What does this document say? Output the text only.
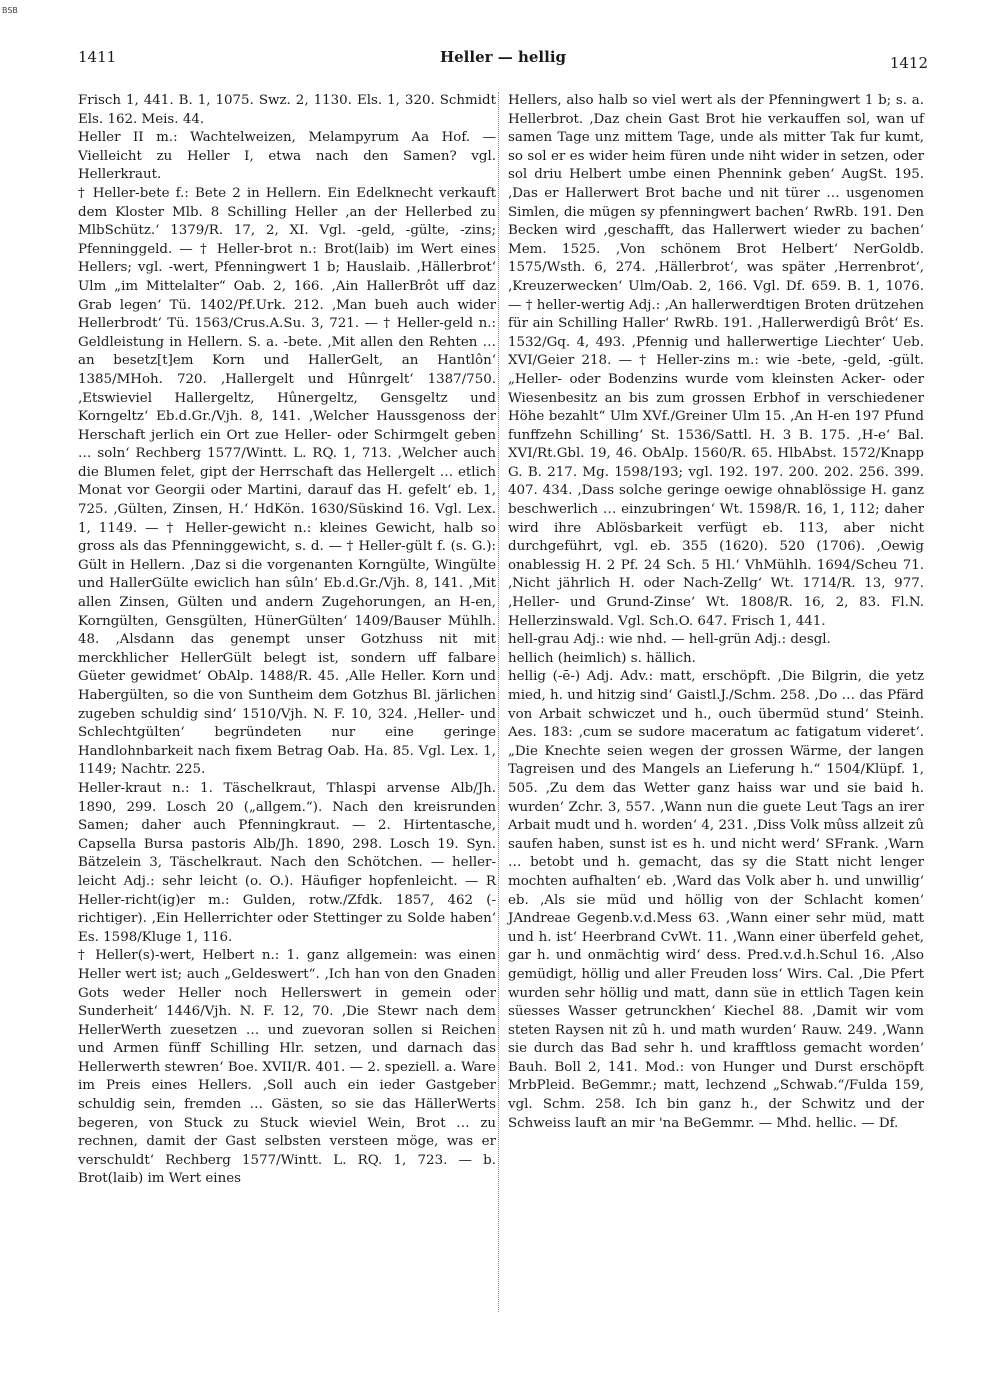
BSB
1411	Heller — hellig	1412

Frisch 1, 441. B. 1, 1075. Swz. 2, 1130. Els. 1, 320. Schmidt Els. 162. Meis. 44.

Heller II m.: Wachtelweizen, Melampyrum Aa Hof. — Vielleicht zu Heller I, etwa nach den Samen? vgl. Hellerkraut.

† Heller-bete f.: Bete 2 in Hellern. Ein Edelknecht verkauft dem Kloster Mlb. 8 Schilling Heller ‚an der Hellerbed zu MlbSchütz.‘ 1379/R. 17, 2, XI. Vgl. -geld, -gülte, -zins; Pfenninggeld. — † Heller-brot n.: Brot(laib) im Wert eines Hellers; vgl. -wert, Pfenningwert 1 b; Hauslaib. ‚Hällerbrot‘ Ulm „im Mittelalter“ Oab. 2, 166. ‚Ain HallerBrôt uff daz Grab legen‘ Tü. 1402/Pf.Urk. 212. ‚Man bueh auch wider Hellerbrodt‘ Tü. 1563/Crus.A.Su. 3, 721. — † Heller-geld n.: Geldleistung in Hellern. S. a. -bete. ‚Mit allen den Rehten … an besetz[t]em Korn und HallerGelt, an Hantlôn‘ 1385/MHoh. 720. ‚Hallergelt und Hûnrgelt‘ 1387/750. ‚Etswieviel Hallergeltz, Hûnergeltz, Gensgeltz und Korngeltz‘ Eb.d.Gr./Vjh. 8, 141. ‚Welcher Haussgenoss der Herschaft jerlich ein Ort zue Heller- oder Schirmgelt geben … soln‘ Rechberg 1577/Wintt. L. RQ. 1, 713. ‚Welcher auch die Blumen felet, gipt der Herrschaft das Hellergelt … etlich Monat vor Georgii oder Martini, darauf das H. gefelt‘ eb. 1, 725. ‚Gülten, Zinsen, H.‘ HdKön. 1630/Süskind 16. Vgl. Lex. 1, 1149. — † Heller-gewicht n.: kleines Gewicht, halb so gross als das Pfenninggewicht, s. d. — † Heller-gült f. (s. G.): Gült in Hellern. ‚Daz si die vorgenanten Korngülte, Wingülte und HallerGülte ewiclich han sûln‘ Eb.d.Gr./Vjh. 8, 141. ‚Mit allen Zinsen, Gülten und andern Zugehorungen, an H-en, Korngülten, Gensgülten, HünerGülten‘ 1409/Bauser Mühlh. 48. ‚Alsdann das genempt unser Gotzhuss nit mit merckhlicher HellerGült belegt ist, sondern uff falbare Güeter gewidmet‘ ObAlp. 1488/R. 45. ‚Alle Heller. Korn und Habergülten, so die von Suntheim dem Gotzhus Bl. järlichen zugeben schuldig sind‘ 1510/Vjh. N. F. 10, 324. ‚Heller- und Schlechtgülten‘ begründeten nur eine geringe Handlohnbarkeit nach fixem Betrag Oab. Ha. 85. Vgl. Lex. 1, 1149; Nachtr. 225.

Heller-kraut n.: 1. Täschelkraut, Thlaspi arvense Alb/Jh. 1890, 299. Losch 20 („allgem.“). Nach den kreisrunden Samen; daher auch Pfenningkraut. — 2. Hirtentasche, Capsella Bursa pastoris Alb/Jh. 1890, 298. Losch 19. Syn. Bätzelein 3, Täschelkraut. Nach den Schötchen. — heller-leicht Adj.: sehr leicht (o. O.). Häufiger hopfenleicht. — R Heller-richt(ig)er m.: Gulden, rotw./Zfdk. 1857, 462 (-richtiger). ‚Ein Hellerrichter oder Stettinger zu Solde haben‘ Es. 1598/Kluge 1, 116.

† Heller(s)-wert, Helbert n.: 1. ganz allgemein: was einen Heller wert ist; auch „Geldeswert“. ‚Ich han von den Gnaden Gots weder Heller noch Hellerswert in gemein oder Sunderheit‘ 1446/Vjh. N. F. 12, 70. ‚Die Stewr nach dem HellerWerth zuesetzen … und zuevoran sollen si Reichen und Armen fünff Schilling Hlr. setzen, und darnach das Hellerwerth stewren‘ Boe. XVII/R. 401. — 2. speziell. a. Ware im Preis eines Hellers. ‚Soll auch ein ieder Gastgeber schuldig sein, fremden … Gästen, so sie das HällerWerts begeren, von Stuck zu Stuck wieviel Wein, Brot … zu rechnen, damit der Gast selbsten versteen möge, was er verschuldt‘ Rechberg 1577/Wintt. L. RQ. 1, 723. — b. Brot(laib) im Wert eines

Hellers, also halb so viel wert als der Pfenningwert 1 b; s. a. Hellerbrot. ‚Daz chein Gast Brot hie verkauffen sol, wan uf samen Tage unz mittem Tage, unde als mitter Tak fur kumt, so sol er es wider heim füren unde niht wider in setzen, oder sol driu Helbert umbe einen Phennink geben‘ AugSt. 195. ‚Das er Hallerwert Brot bache und nit türer … usgenomen Simlen, die mügen sy pfenningwert bachen‘ RwRb. 191. Den Becken wird ‚geschafft, das Hallerwert wieder zu bachen‘ Mem. 1525. ‚Von schönem Brot Helbert‘ NerGoldb. 1575/Wsth. 6, 274. ‚Hällerbrot‘, was später ‚Herrenbrot‘, ‚Kreuzerwecken‘ Ulm/Oab. 2, 166. Vgl. Df. 659. B. 1, 1076. — † heller-wertig Adj.: ‚An hallerwerdtigen Broten drützehen für ain Schilling Haller‘ RwRb. 191. ‚Hallerwerdigû Brôt‘ Es. 1532/Gq. 4, 493. ‚Pfennig und hallerwertige Liechter‘ Ueb. XVI/Geier 218. — † Heller-zins m.: wie -bete, -geld, -gült. „Heller- oder Bodenzins wurde vom kleinsten Acker- oder Wiesenbesitz an bis zum grossen Erbhof in verschiedener Höhe bezahlt“ Ulm XVf./Greiner Ulm 15. ‚An H-en 197 Pfund funffzehn Schilling‘ St. 1536/Sattl. H. 3 B. 175. ‚H-e‘ Bal. XVI/Rt.Gbl. 19, 46. ObAlp. 1560/R. 65. HlbAbst. 1572/Knapp G. B. 217. Mg. 1598/193; vgl. 192. 197. 200. 202. 256. 399. 407. 434. ‚Dass solche geringe oewige ohnablössige H. ganz beschwerlich … einzubringen‘ Wt. 1598/R. 16, 1, 112; daher wird ihre Ablösbarkeit verfügt eb. 113, aber nicht durchgeführt, vgl. eb. 355 (1620). 520 (1706). ‚Oewig onablessig H. 2 Pf. 24 Sch. 5 Hl.‘ VhMühlh. 1694/Scheu 71. ‚Nicht jährlich H. oder Nach-Zellg‘ Wt. 1714/R. 13, 977. ‚Heller- und Grund-Zinse‘ Wt. 1808/R. 16, 2, 83. Fl.N. Hellerzinswald. Vgl. Sch.O. 647. Frisch 1, 441.

hell-grau Adj.: wie nhd. — hell-grün Adj.: desgl.

hellich (heimlich) s. hällich.

hellig (-ē-) Adj. Adv.: matt, erschöpft. ‚Die Bilgrin, die yetz mied, h. und hitzig sind‘ Gaistl.J./Schm. 258. ‚Do … das Pfärd von Arbait schwiczet und h., ouch übermüd stund‘ Steinh. Aes. 183: ‚cum se sudore maceratum ac fatigatum videret‘. „Die Knechte seien wegen der grossen Wärme, der langen Tagreisen und des Mangels an Lieferung h.“ 1504/Klüpf. 1, 505. ‚Zu dem das Wetter ganz haiss war und sie baid h. wurden‘ Zchr. 3, 557. ‚Wann nun die guete Leut Tags an irer Arbait mudt und h. worden‘ 4, 231. ‚Diss Volk mûss allzeit zû saufen haben, sunst ist es h. und nicht werd‘ SFrank. ‚Warn … betobt und h. gemacht, das sy die Statt nicht lenger mochten aufhalten‘ eb. ‚Ward das Volk aber h. und unwillig‘ eb. ‚Als sie müd und höllig von der Schlacht komen‘ JAndreae Gegenb.v.d.Mess 63. ‚Wann einer sehr müd, matt und h. ist‘ Heerbrand CvWt. 11. ‚Wann einer überfeld gehet, gar h. und onmächtig wird‘ dess. Pred.v.d.h.Schul 16. ‚Also gemüdigt, höllig und aller Freuden loss‘ Wirs. Cal. ‚Die Pfert wurden sehr höllig und matt, dann süe in ettlich Tagen kein süesses Wasser getrunckhen‘ Kiechel 88. ‚Damit wir vom steten Raysen nit zû h. und math wurden‘ Rauw. 249. ‚Wann sie durch das Bad sehr h. und krafftloss gemacht worden‘ Bauh. Boll 2, 141. Mod.: von Hunger und Durst erschöpft MrbPleid. BeGemmr.; matt, lechzend „Schwab.“/Fulda 159, vgl. Schm. 258. Ich bin ganz h., der Schwitz und der Schweiss lauft an mir 'na BeGemmr. — Mhd. hellic. — Df.
